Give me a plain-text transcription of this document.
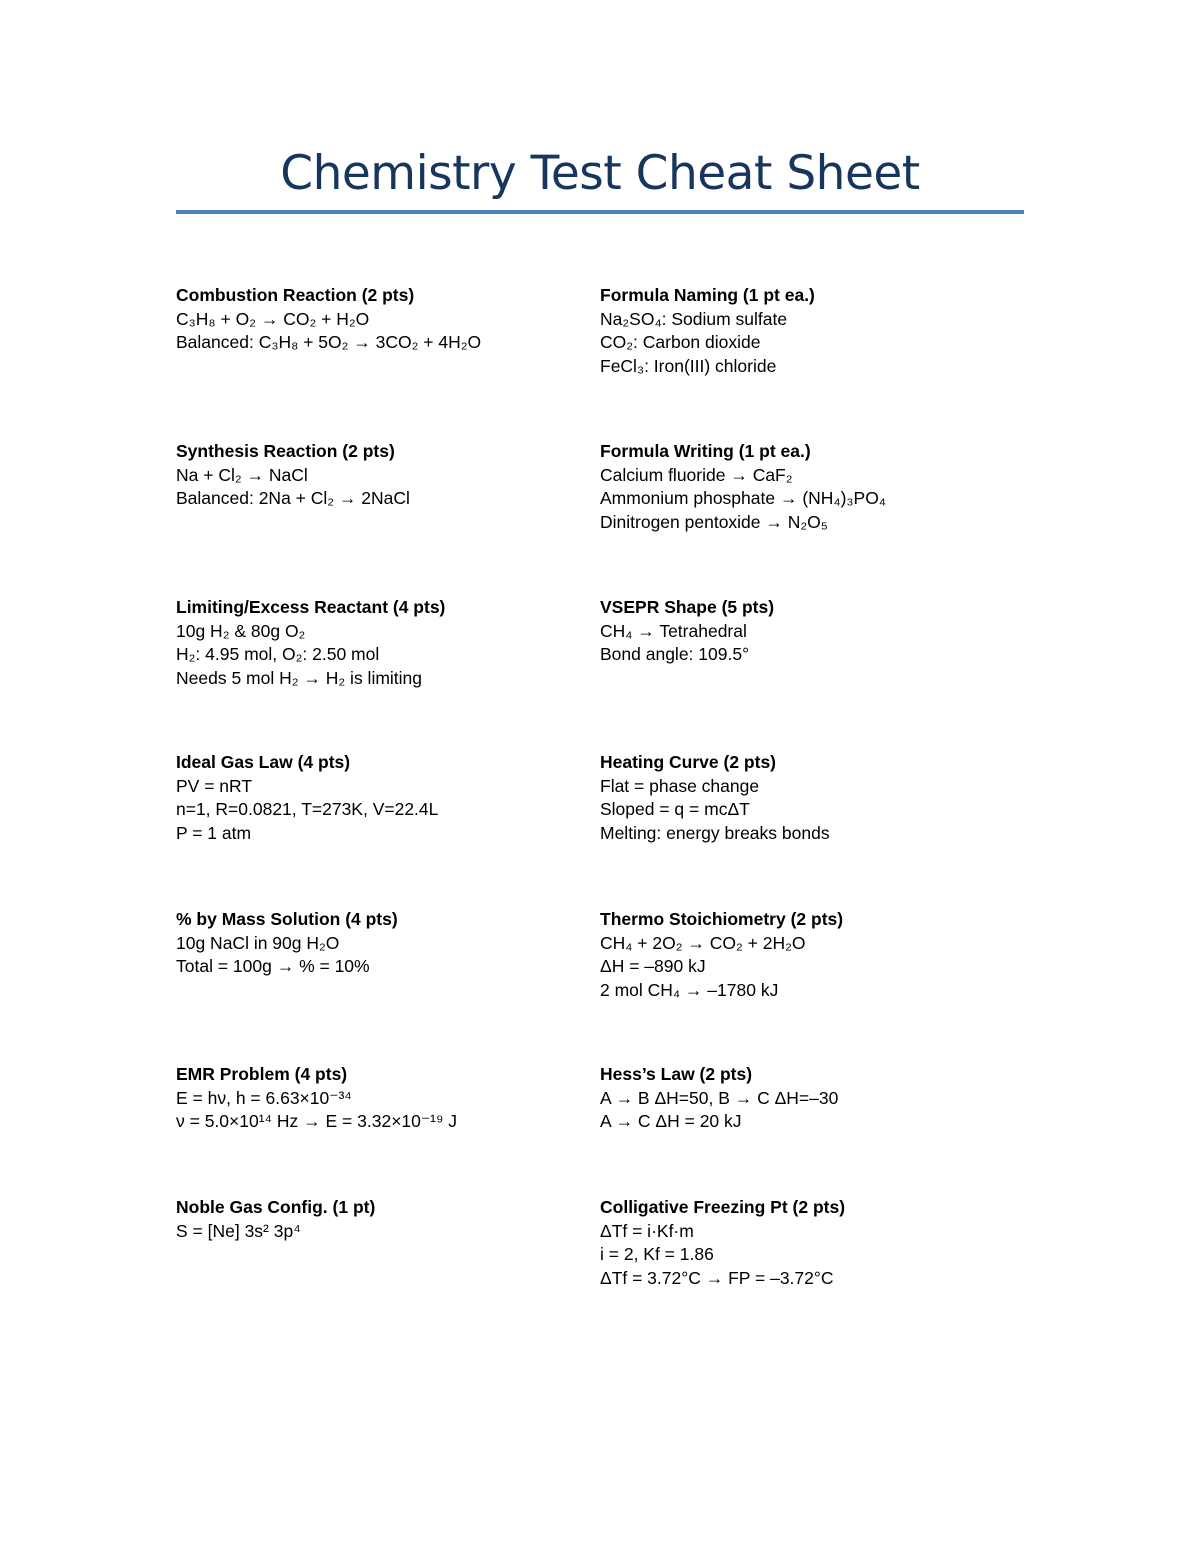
Chemistry Test Cheat Sheet
Combustion Reaction (2 pts)
C₃H₈ + O₂ → CO₂ + H₂O
Balanced: C₃H₈ + 5O₂ → 3CO₂ + 4H₂O
Formula Naming (1 pt ea.)
Na₂SO₄: Sodium sulfate
CO₂: Carbon dioxide
FeCl₃: Iron(III) chloride
Synthesis Reaction (2 pts)
Na + Cl₂ → NaCl
Balanced: 2Na + Cl₂ → 2NaCl
Formula Writing (1 pt ea.)
Calcium fluoride → CaF₂
Ammonium phosphate → (NH₄)₃PO₄
Dinitrogen pentoxide → N₂O₅
Limiting/Excess Reactant (4 pts)
10g H₂ & 80g O₂
H₂: 4.95 mol, O₂: 2.50 mol
Needs 5 mol H₂ → H₂ is limiting
VSEPR Shape (5 pts)
CH₄ → Tetrahedral
Bond angle: 109.5°
Ideal Gas Law (4 pts)
PV = nRT
n=1, R=0.0821, T=273K, V=22.4L
P = 1 atm
Heating Curve (2 pts)
Flat = phase change
Sloped = q = mcΔT
Melting: energy breaks bonds
% by Mass Solution (4 pts)
10g NaCl in 90g H₂O
Total = 100g → % = 10%
Thermo Stoichiometry (2 pts)
CH₄ + 2O₂ → CO₂ + 2H₂O
ΔH = –890 kJ
2 mol CH₄ → –1780 kJ
EMR Problem (4 pts)
E = hν, h = 6.63×10⁻³⁴
ν = 5.0×10¹⁴ Hz → E = 3.32×10⁻¹⁹ J
Hess’s Law (2 pts)
A → B ΔH=50, B → C ΔH=–30
A → C ΔH = 20 kJ
Noble Gas Config. (1 pt)
S = [Ne] 3s² 3p⁴
Colligative Freezing Pt (2 pts)
ΔTf = i·Kf·m
i = 2, Kf = 1.86
ΔTf = 3.72°C → FP = –3.72°C
